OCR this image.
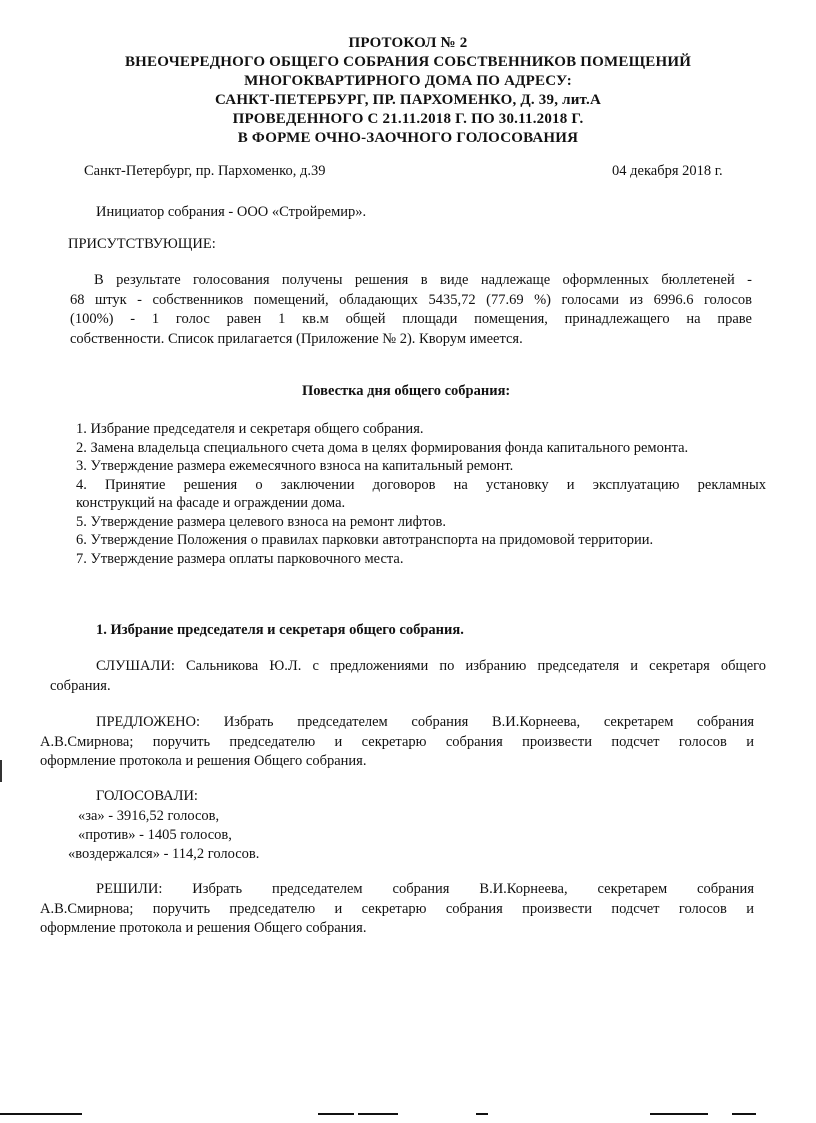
ПРОТОКОЛ № 2
ВНЕОЧЕРЕДНОГО ОБЩЕГО СОБРАНИЯ СОБСТВЕННИКОВ ПОМЕЩЕНИЙ
МНОГОКВАРТИРНОГО ДОМА ПО АДРЕСУ:
САНКТ-ПЕТЕРБУРГ, ПР. ПАРХОМЕНКО, Д. 39, лит.А
ПРОВЕДЕННОГО С 21.11.2018 Г. ПО 30.11.2018 Г.
В ФОРМЕ ОЧНО-ЗАОЧНОГО ГОЛОСОВАНИЯ
Санкт-Петербург, пр. Пархоменко, д.39	04 декабря 2018 г.
Инициатор собрания - ООО «Стройремир».
ПРИСУТСТВУЮЩИЕ:
В результате голосования получены решения в виде надлежаще оформленных бюллетеней -
68 штук - собственников помещений, обладающих 5435,72 (77.69 %) голосами из 6996.6 голосов
(100%) - 1 голос равен 1 кв.м общей площади помещения, принадлежащего на праве
собственности. Список прилагается (Приложение № 2). Кворум имеется.
Повестка дня общего собрания:
1. Избрание председателя и секретаря общего собрания.
2. Замена владельца специального счета дома в целях формирования фонда капитального ремонта.
3. Утверждение размера ежемесячного взноса на капитальный ремонт.
4. Принятие решения о заключении договоров на установку и эксплуатацию рекламных
конструкций на фасаде и ограждении дома.
5. Утверждение размера целевого взноса на ремонт лифтов.
6. Утверждение Положения о правилах парковки автотранспорта на придомовой территории.
7. Утверждение размера оплаты парковочного места.
1. Избрание председателя и секретаря общего собрания.
СЛУШАЛИ: Сальникова Ю.Л. с предложениями по избранию председателя и секретаря общего
собрания.
ПРЕДЛОЖЕНО: Избрать председателем собрания В.И.Корнеева, секретарем собрания
А.В.Смирнова; поручить председателю и секретарю собрания произвести подсчет голосов и
оформление протокола и решения Общего собрания.
ГОЛОСОВАЛИ:
«за» - 3916,52 голосов,
«против» - 1405 голосов,
«воздержался» - 114,2 голосов.
РЕШИЛИ: Избрать председателем собрания В.И.Корнеева, секретарем собрания
А.В.Смирнова; поручить председателю и секретарю собрания произвести подсчет голосов и
оформление протокола и решения Общего собрания.
